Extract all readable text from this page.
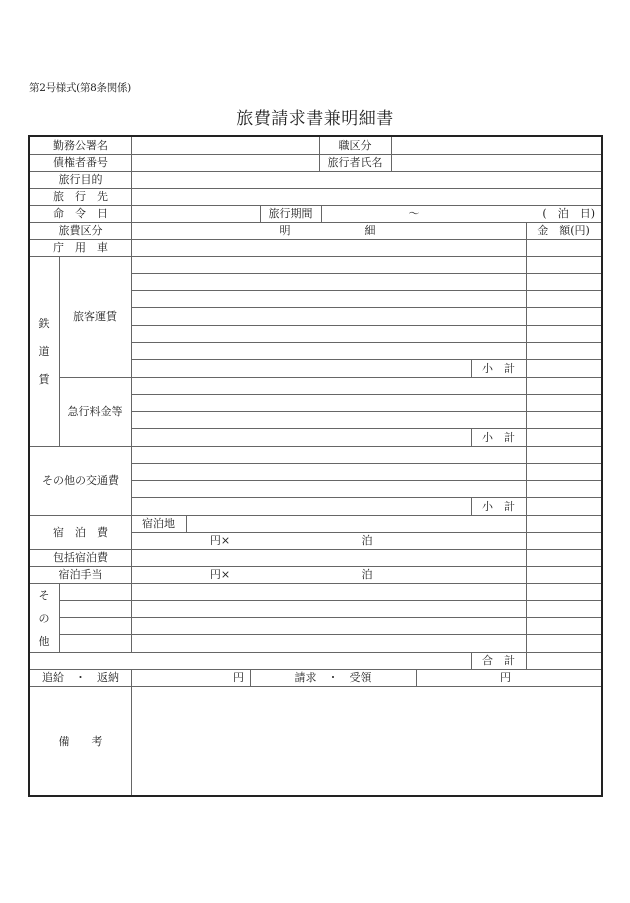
第2号様式(第8条関係)
旅費請求書兼明細書
勤務公署名	職区分
債権者番号	旅行者氏名
旅行目的
旅　行　先
命　令　日	旅行期間	～	(　泊　日)
旅費区分	明	細	金　額(円)
庁　用　車
鉄
道
賃
旅客運賃
急行料金等
小　計
小　計
その他の交通費
小　計
宿　泊　費
宿泊地
円×	泊
包括宿泊費
宿泊手当	円×	泊
そ
の
他
合　計
追給　・　返納	円	請求　・　受領	円
備　　考
